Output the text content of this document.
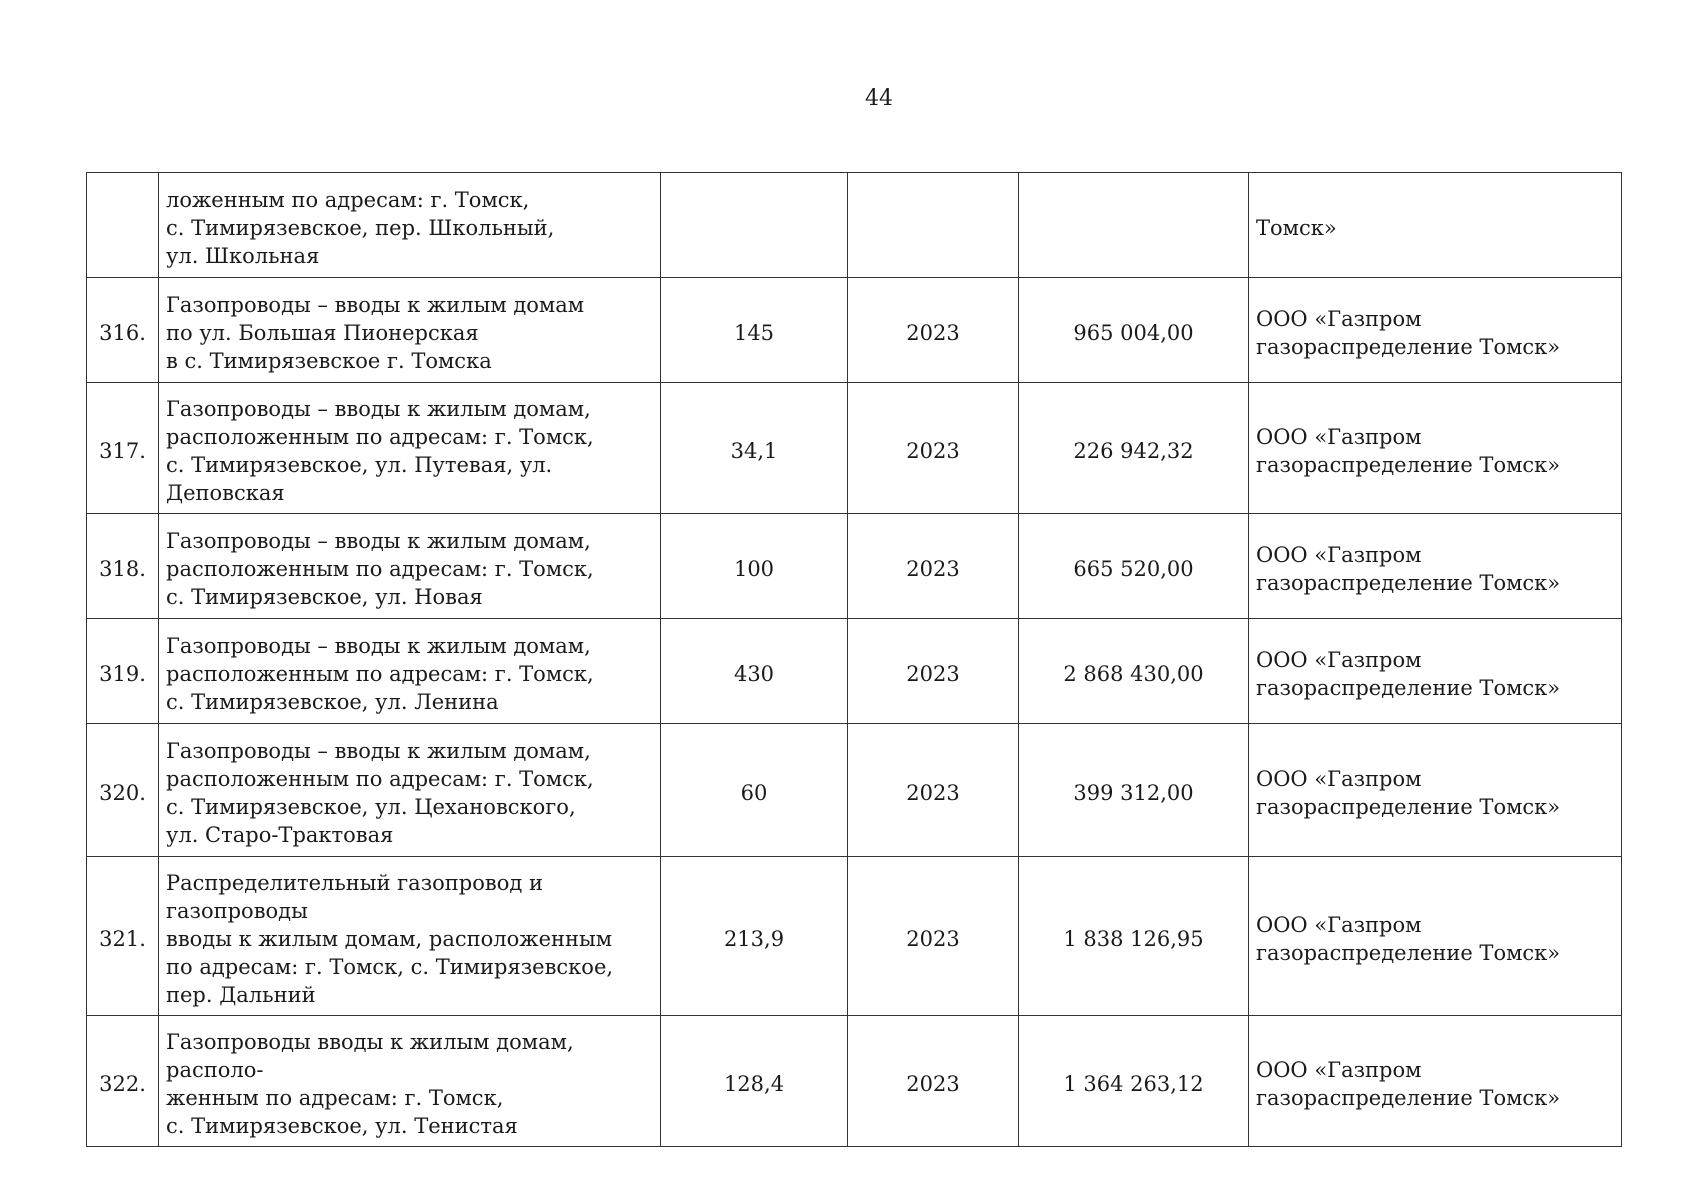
44
	ложенным по адресам: г. Томск,
с. Тимирязевское, пер. Школьный,
ул. Школьная				Томск»
316.	Газопроводы – вводы к жилым домам
по ул. Большая Пионерская
в с. Тимирязевское г. Томска	145	2023	965 004,00	ООО «Газпром газораспределение Томск»
317.	Газопроводы – вводы к жилым домам,
расположенным по адресам: г. Томск,
с. Тимирязевское, ул. Путевая, ул. Деповская	34,1	2023	226 942,32	ООО «Газпром газораспределение Томск»
318.	Газопроводы – вводы к жилым домам,
расположенным по адресам: г. Томск,
с. Тимирязевское, ул. Новая	100	2023	665 520,00	ООО «Газпром газораспределение Томск»
319.	Газопроводы – вводы к жилым домам,
расположенным по адресам: г. Томск,
с. Тимирязевское, ул. Ленина	430	2023	2 868 430,00	ООО «Газпром газораспределение Томск»
320.	Газопроводы – вводы к жилым домам,
расположенным по адресам: г. Томск,
с. Тимирязевское, ул. Цехановского,
ул. Старо-Трактовая	60	2023	399 312,00	ООО «Газпром газораспределение Томск»
321.	Распределительный газопровод и газопроводы
вводы к жилым домам, расположенным
по адресам: г. Томск, с. Тимирязевское,
пер. Дальний	213,9	2023	1 838 126,95	ООО «Газпром газораспределение Томск»
322.	Газопроводы вводы к жилым домам, располо-
женным по адресам: г. Томск,
с. Тимирязевское, ул. Тенистая	128,4	2023	1 364 263,12	ООО «Газпром газораспределение Томск»
